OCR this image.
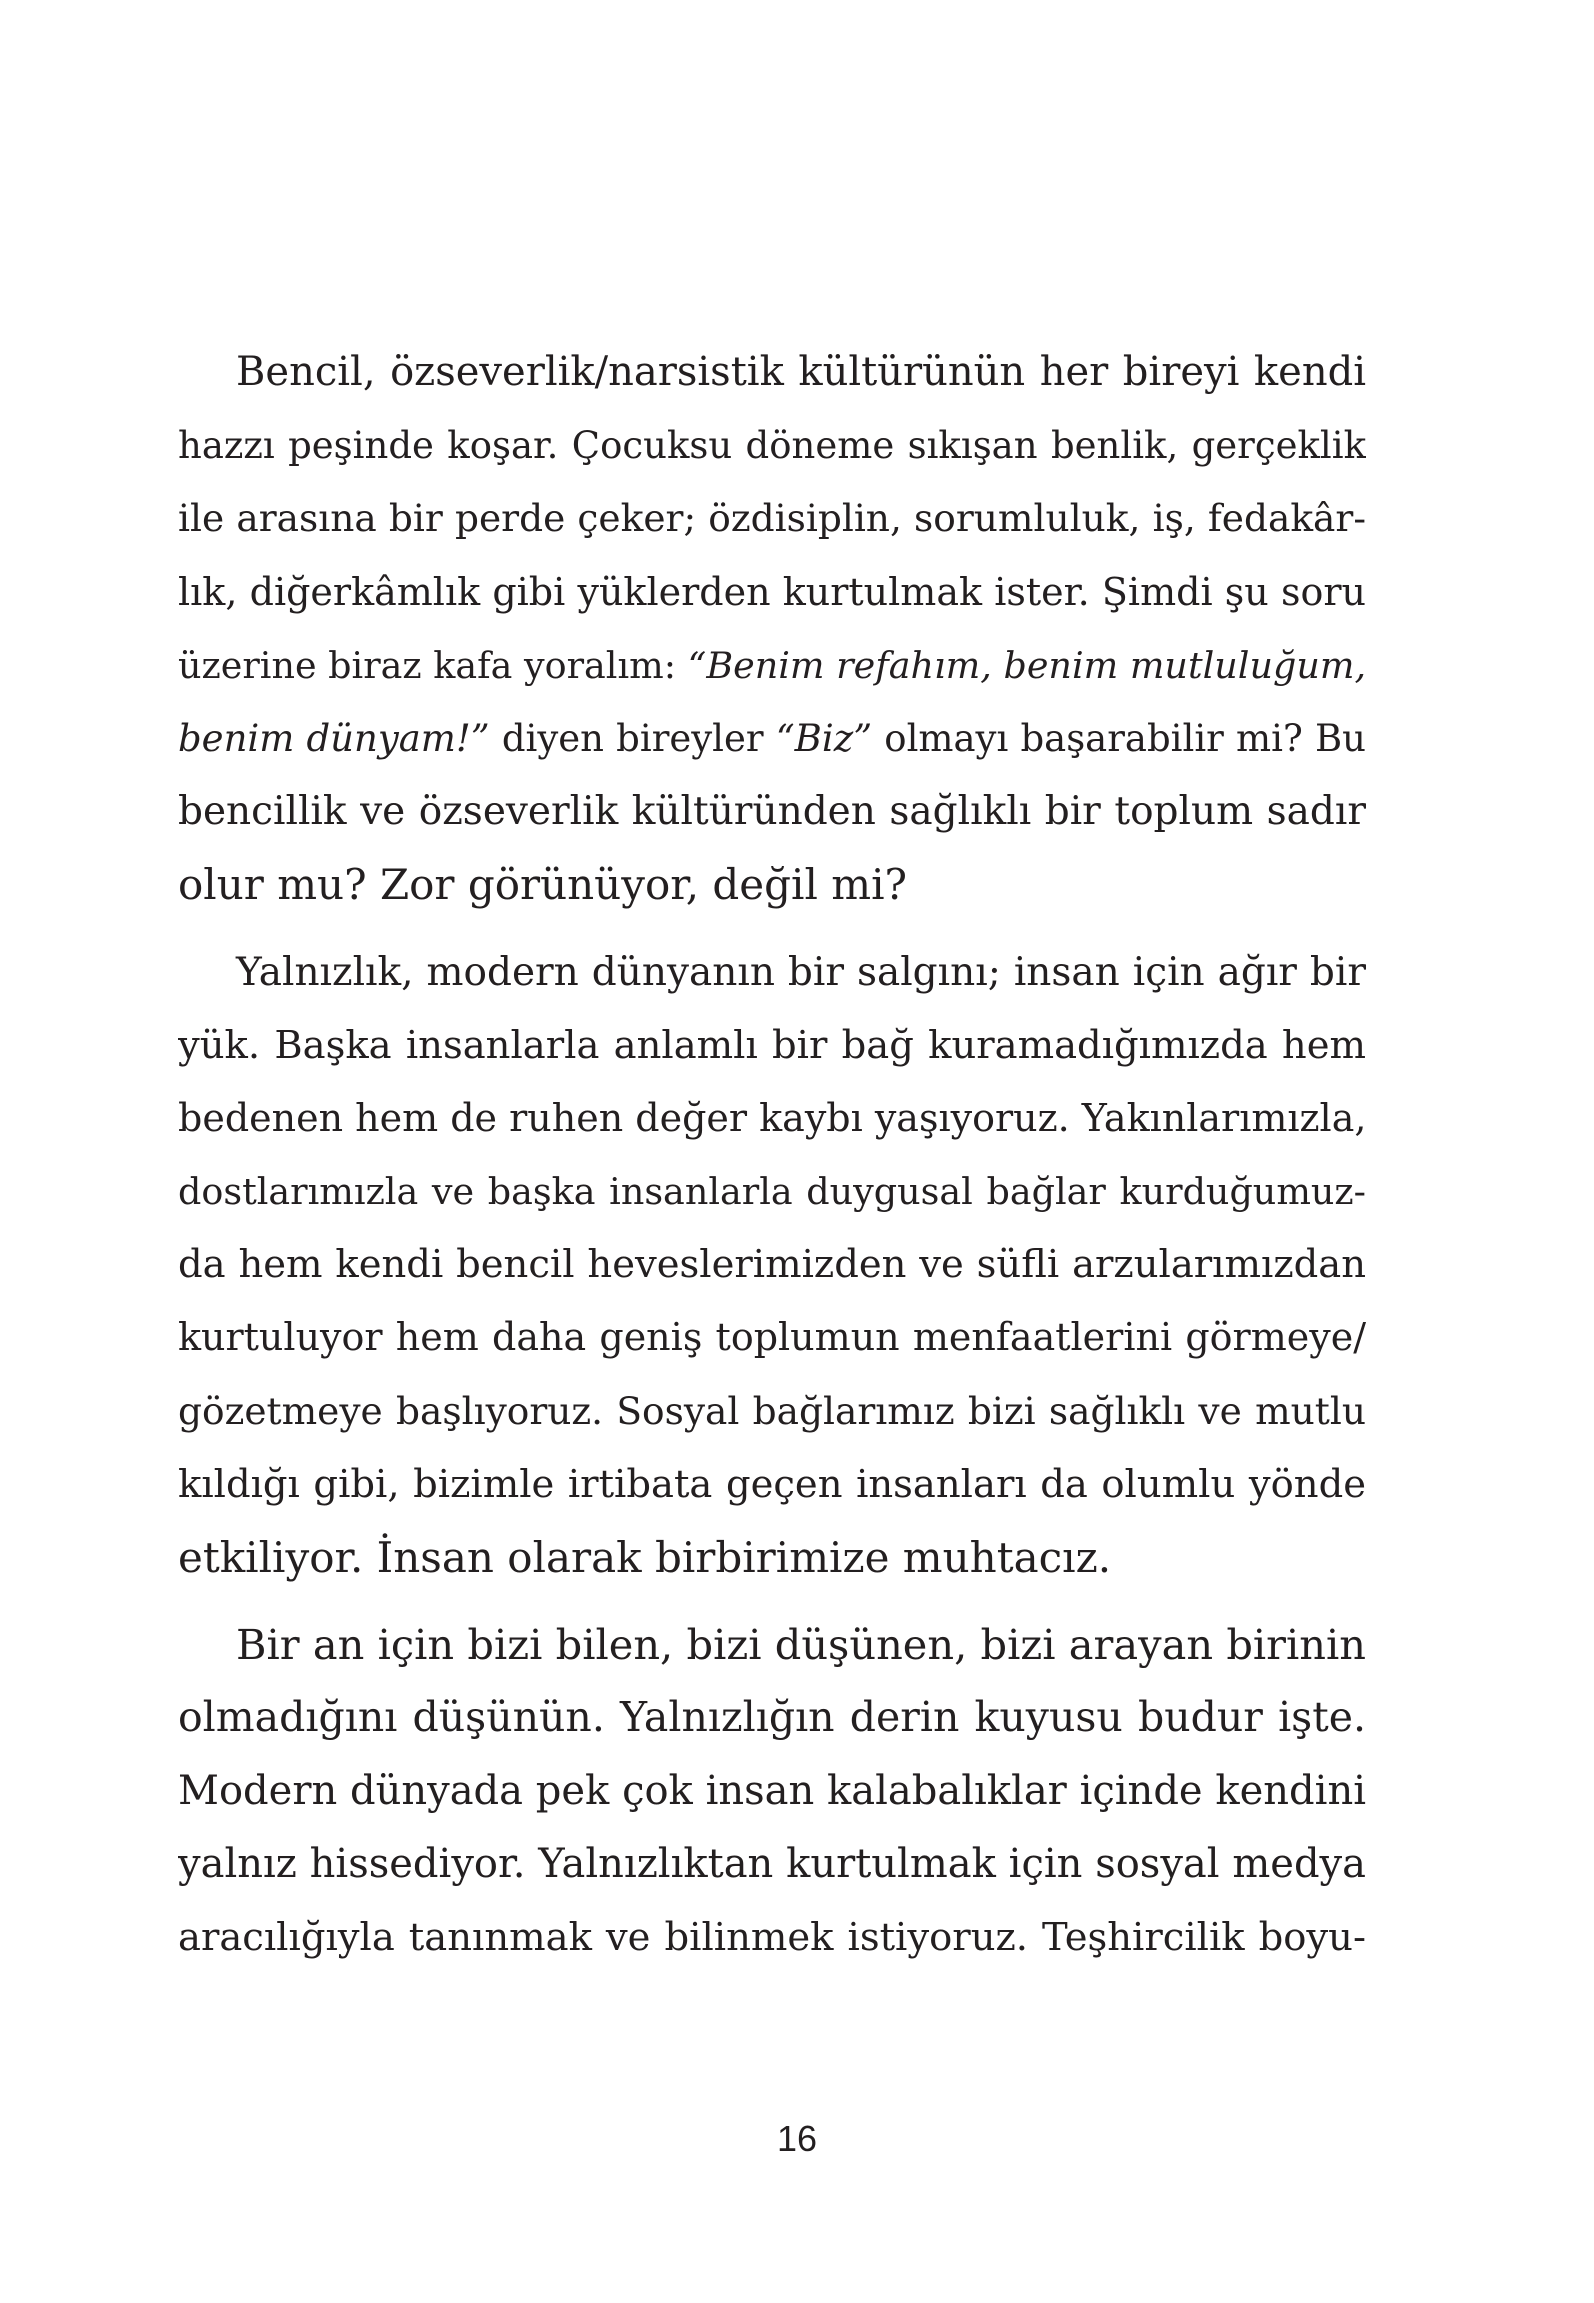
Bencil, özseverlik/narsistik kültürünün her bireyi kendi
hazzı peşinde koşar. Çocuksu döneme sıkışan benlik, gerçeklik
ile arasına bir perde çeker; özdisiplin, sorumluluk, iş, fedakâr-
lık, diğerkâmlık gibi yüklerden kurtulmak ister. Şimdi şu soru
üzerine biraz kafa yoralım: “Benim refahım, benim mutluluğum,
benim dünyam!” diyen bireyler “Biz” olmayı başarabilir mi? Bu
bencillik ve özseverlik kültüründen sağlıklı bir toplum sadır
olur mu? Zor görünüyor, değil mi?
Yalnızlık, modern dünyanın bir salgını; insan için ağır bir
yük. Başka insanlarla anlamlı bir bağ kuramadığımızda hem
bedenen hem de ruhen değer kaybı yaşıyoruz. Yakınlarımızla,
dostlarımızla ve başka insanlarla duygusal bağlar kurduğumuz-
da hem kendi bencil heveslerimizden ve süfli arzularımızdan
kurtuluyor hem daha geniş toplumun menfaatlerini görmeye/
gözetmeye başlıyoruz. Sosyal bağlarımız bizi sağlıklı ve mutlu
kıldığı gibi, bizimle irtibata geçen insanları da olumlu yönde
etkiliyor. İnsan olarak birbirimize muhtacız.
Bir an için bizi bilen, bizi düşünen, bizi arayan birinin
olmadığını düşünün. Yalnızlığın derin kuyusu budur işte.
Modern dünyada pek çok insan kalabalıklar içinde kendini
yalnız hissediyor. Yalnızlıktan kurtulmak için sosyal medya
aracılığıyla tanınmak ve bilinmek istiyoruz. Teşhircilik boyu-
16
